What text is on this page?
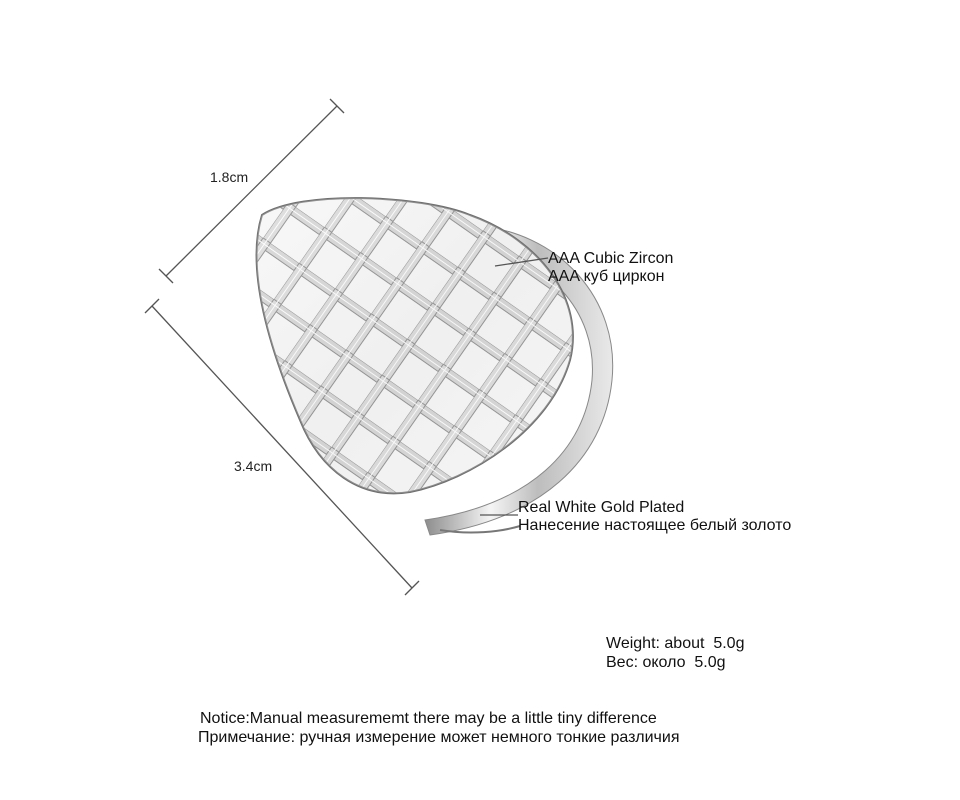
1.8cm
3.4cm
AAA Cubic Zircon
AAA куб циркон
Real White Gold Plated
Нанесение настоящее белый золото
Weight: about  5.0g
Вес: около  5.0g
Notice:Manual measurememt there may be a little tiny difference
Примечание: ручная измерение может немного тонкие различия
